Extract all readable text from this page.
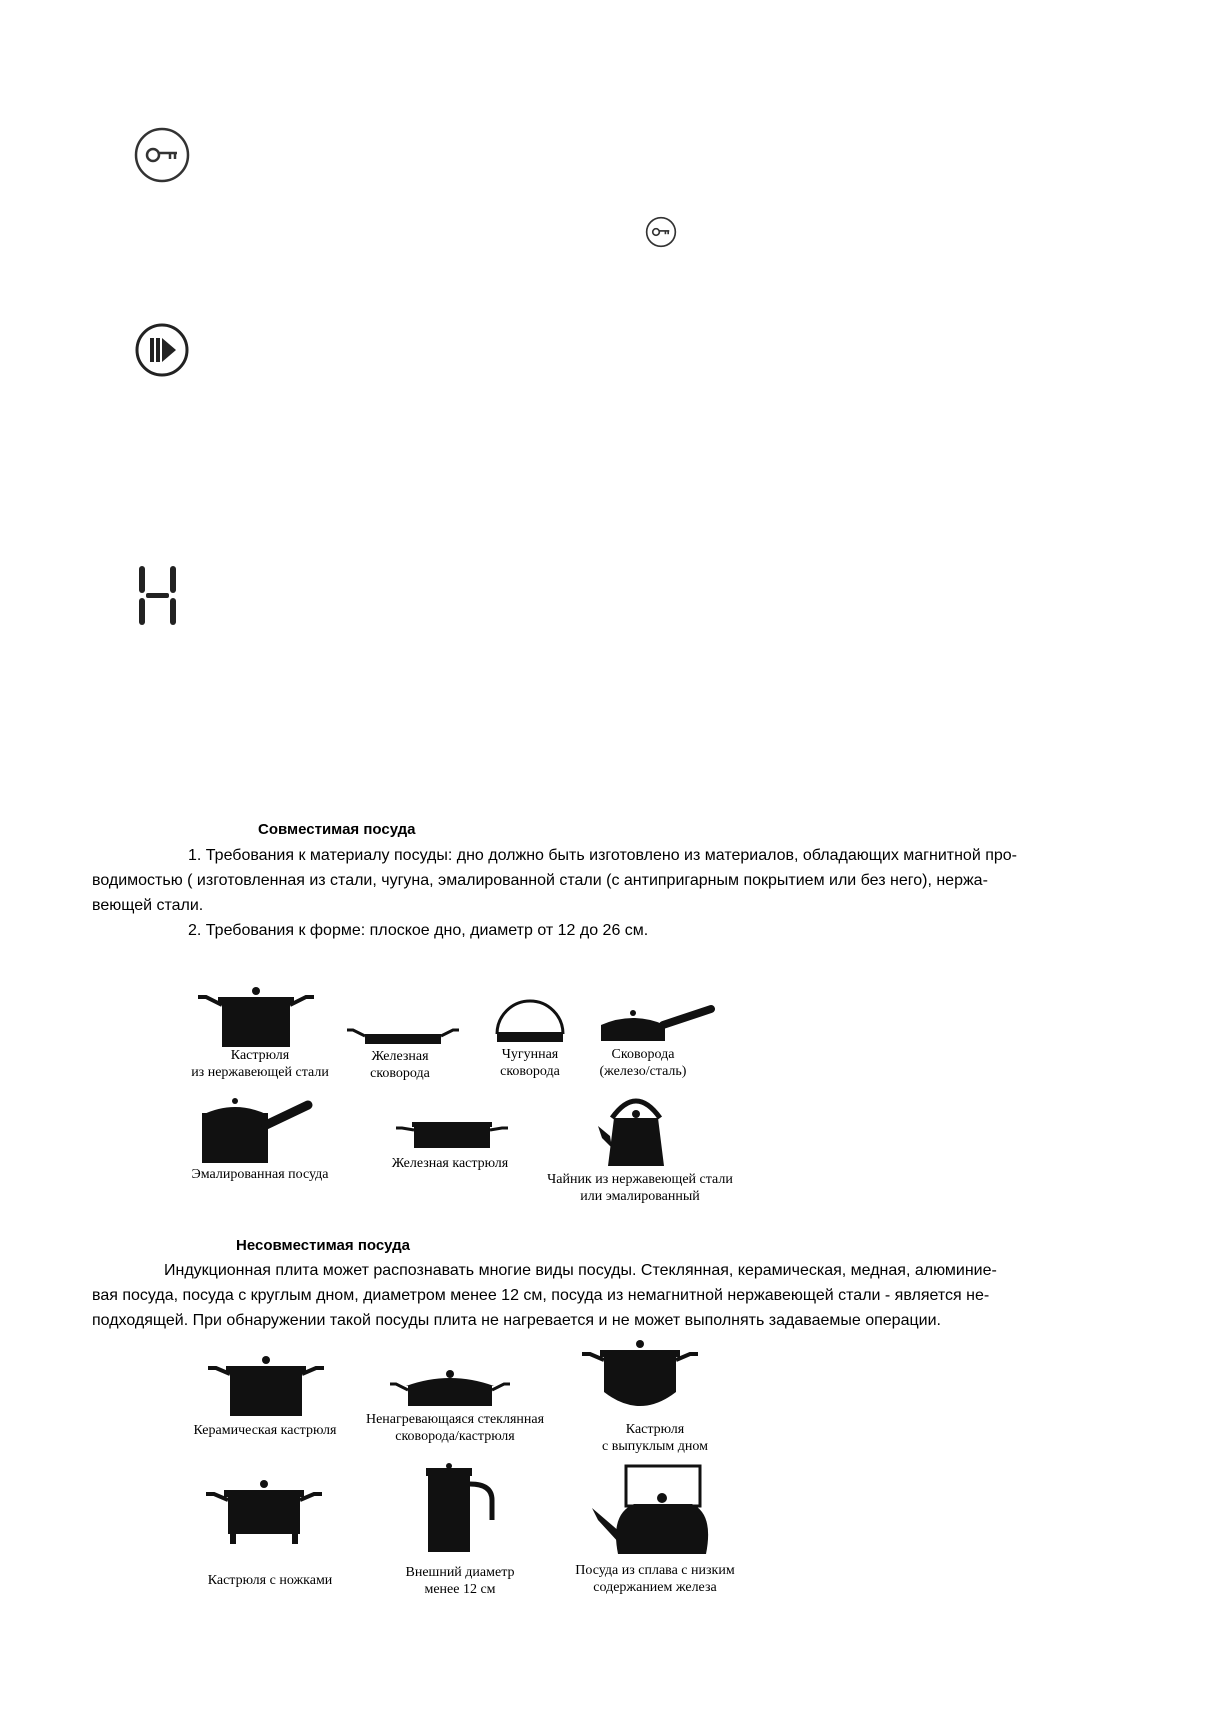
Совместимая посуда
1. Требования к материалу посуды: дно должно быть изготовлено из материалов, обладающих магнитной про-
водимостью ( изготовленная из стали, чугуна, эмалированной стали (с антипригарным покрытием или без него), нержа-
веющей стали.
2. Требования к форме: плоское дно, диаметр от 12 до 26 см.
Кастрюля
из нержавеющей стали
Железная
сковорода
Чугунная
сковорода
Сковорода
(железо/сталь)
Эмалированная посуда
Железная кастрюля
Чайник из нержавеющей стали
или эмалированный
Несовместимая посуда
Индукционная плита может распознавать многие виды посуды. Стеклянная, керамическая, медная, алюминие-
вая посуда, посуда с круглым дном, диаметром менее 12 см, посуда из немагнитной нержавеющей стали - является не-
подходящей. При обнаружении такой посуды плита не нагревается и не может выполнять задаваемые операции.
Керамическая кастрюля
Ненагревающаяся стеклянная
сковорода/кастрюля	Кастрюля
с выпуклым дном
Кастрюля с ножками
Внешний диаметр
менее 12 см
Посуда из сплава с низким
содержанием железа
